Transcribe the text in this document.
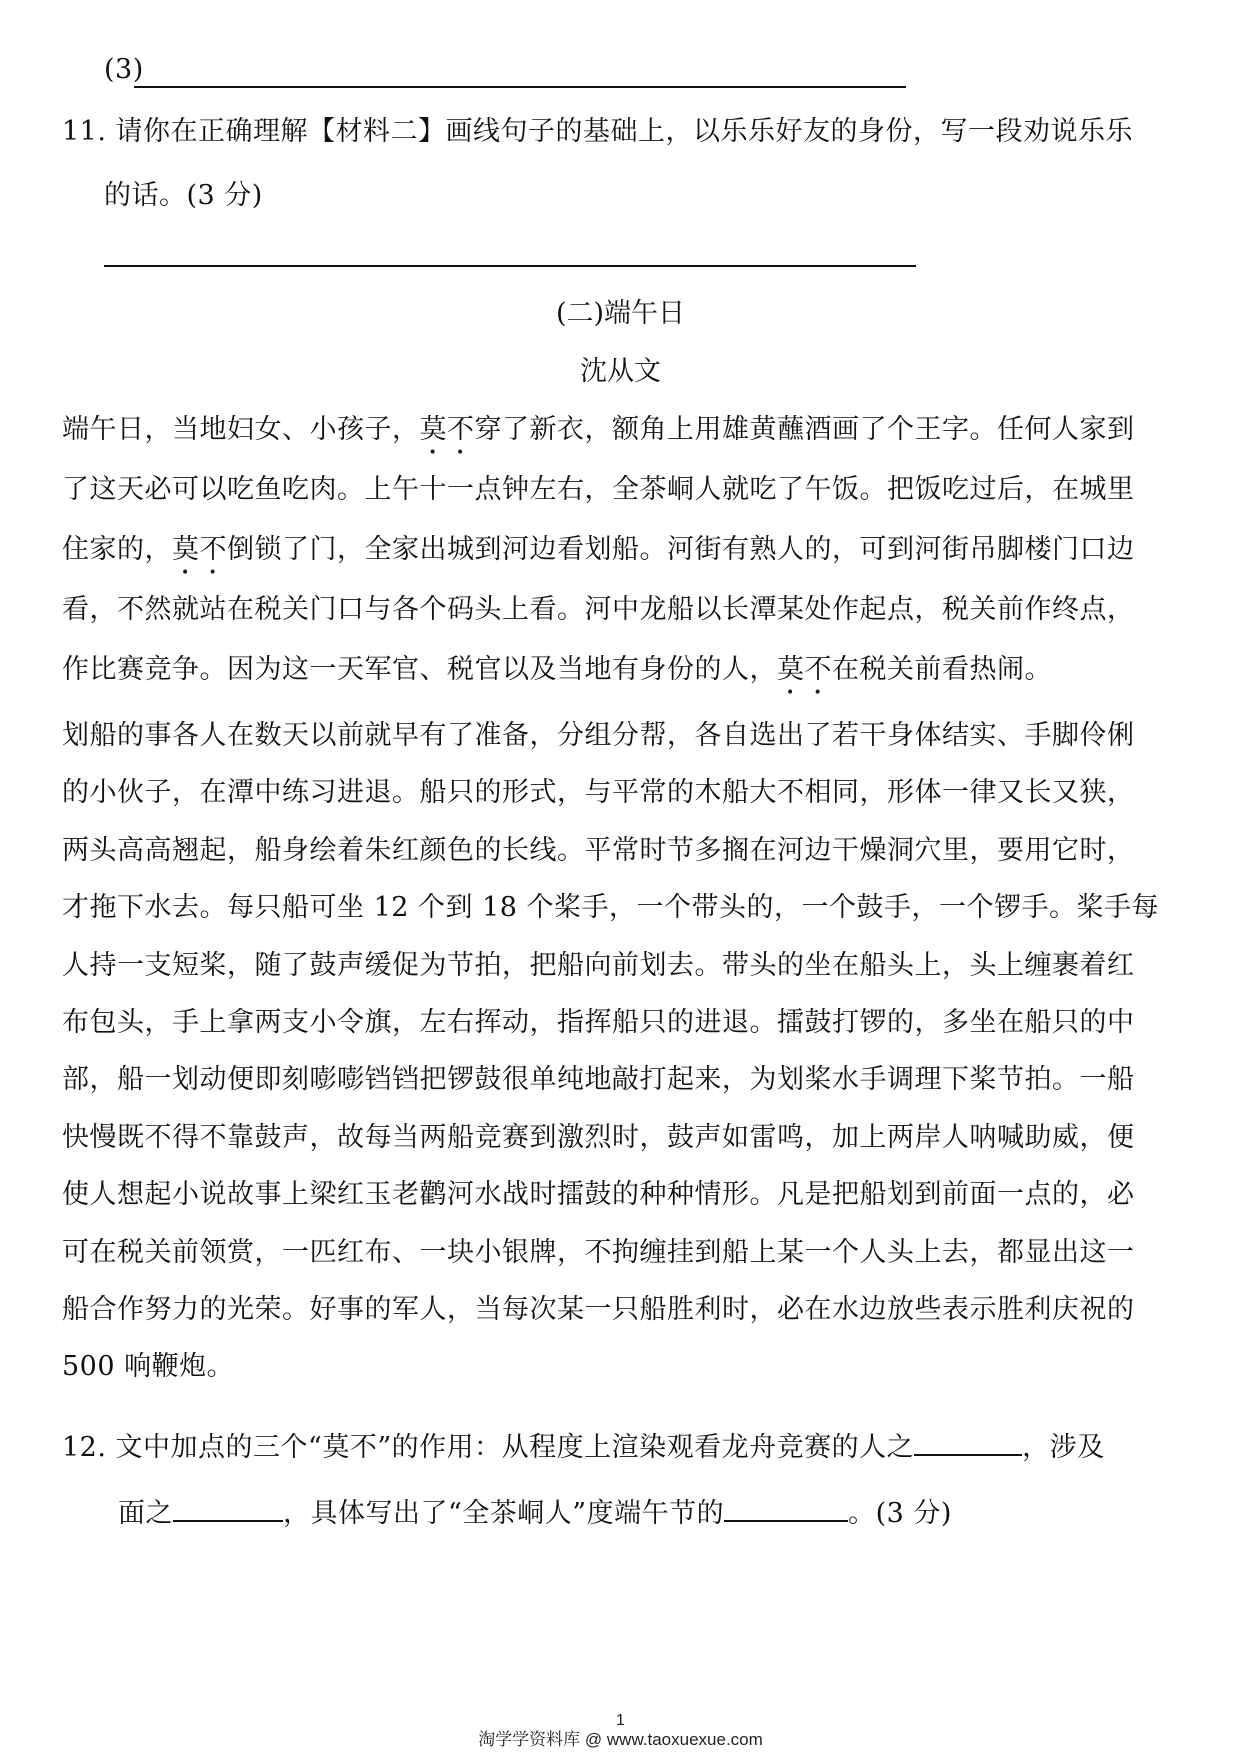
(3)
11. 请你在正确理解【材料二】画线句子的基础上，以乐乐好友的身份，写一段劝说乐乐
的话。(3 分)
(二)端午日
沈从文
端午日，当地妇女、小孩子，莫不穿了新衣，额角上用雄黄蘸酒画了个王字。任何人家到
了这天必可以吃鱼吃肉。上午十一点钟左右，全茶峒人就吃了午饭。把饭吃过后，在城里
住家的，莫不倒锁了门，全家出城到河边看划船。河街有熟人的，可到河街吊脚楼门口边
看，不然就站在税关门口与各个码头上看。河中龙船以长潭某处作起点，税关前作终点，
作比赛竞争。因为这一天军官、税官以及当地有身份的人，莫不在税关前看热闹。
划船的事各人在数天以前就早有了准备，分组分帮，各自选出了若干身体结实、手脚伶俐
的小伙子，在潭中练习进退。船只的形式，与平常的木船大不相同，形体一律又长又狭，
两头高高翘起，船身绘着朱红颜色的长线。平常时节多搁在河边干燥洞穴里，要用它时，
才拖下水去。每只船可坐 12 个到 18 个桨手，一个带头的，一个鼓手，一个锣手。桨手每
人持一支短桨，随了鼓声缓促为节拍，把船向前划去。带头的坐在船头上，头上缠裹着红
布包头，手上拿两支小令旗，左右挥动，指挥船只的进退。擂鼓打锣的，多坐在船只的中
部，船一划动便即刻嘭嘭铛铛把锣鼓很单纯地敲打起来，为划桨水手调理下桨节拍。一船
快慢既不得不靠鼓声，故每当两船竞赛到激烈时，鼓声如雷鸣，加上两岸人呐喊助威，便
使人想起小说故事上梁红玉老鹳河水战时擂鼓的种种情形。凡是把船划到前面一点的，必
可在税关前领赏，一匹红布、一块小银牌，不拘缠挂到船上某一个人头上去，都显出这一
船合作努力的光荣。好事的军人，当每次某一只船胜利时，必在水边放些表示胜利庆祝的
500 响鞭炮。
12. 文中加点的三个“莫不”的作用：从程度上渲染观看龙舟竞赛的人之	，涉及
面之	，具体写出了“全茶峒人”度端午节的	。(3 分)
1
淘学学资料库 @ www.taoxuexue.com
